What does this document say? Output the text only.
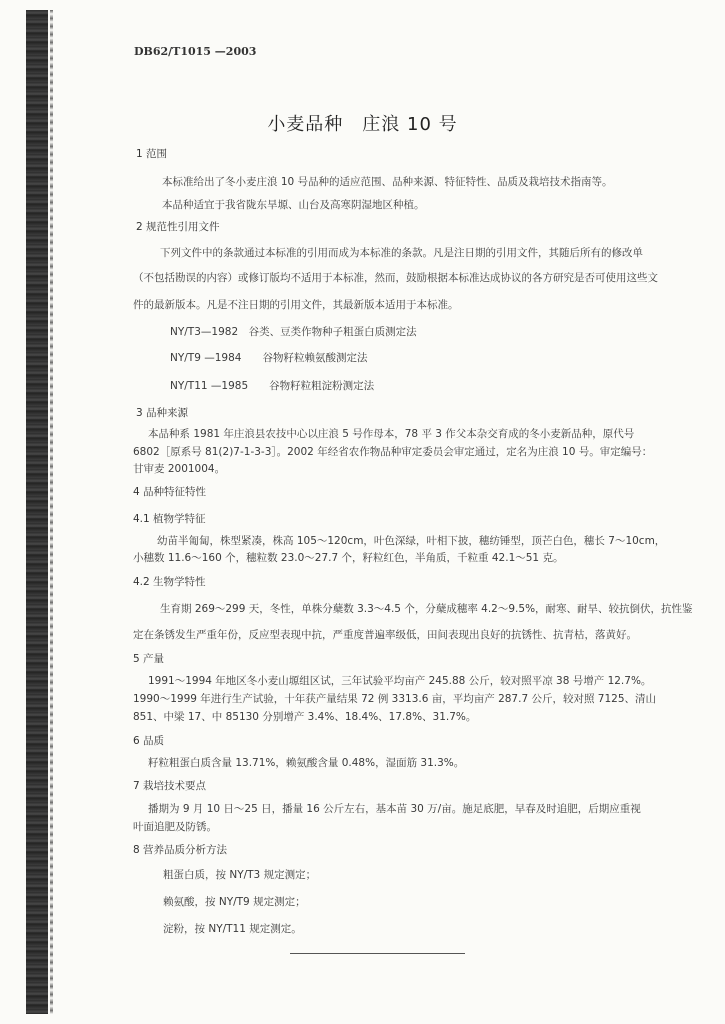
DB62/T1015 —2003
小麦品种　庄浪 10 号
1 范围
本标准给出了冬小麦庄浪 10 号品种的适应范围、品种来源、特征特性、品质及栽培技术指南等。
本品种适宜于我省陇东旱塬、山台及高寒阴湿地区种植。
2 规范性引用文件
下列文件中的条款通过本标准的引用而成为本标准的条款。凡是注日期的引用文件，其随后所有的修改单
（不包括勘误的内容）或修订版均不适用于本标准，然而，鼓励根据本标准达成协议的各方研究是否可使用这些文
件的最新版本。凡是不注日期的引用文件，其最新版本适用于本标准。
NY/T3—1982　谷类、豆类作物种子粗蛋白质测定法
NY/T9 —1984　　谷物籽粒赖氨酸测定法
NY/T11 —1985　　谷物籽粒粗淀粉测定法
3 品种来源
本品种系 1981 年庄浪县农技中心以庄浪 5 号作母本，78 平 3 作父本杂交育成的冬小麦新品种，原代号
6802［原系号 81(2)7-1-3-3］。2002 年经省农作物品种审定委员会审定通过，定名为庄浪 10 号。审定编号：
甘审麦 2001004。
4 品种特征特性
4.1 植物学特征
幼苗半匍匐，株型紧凑，株高 105～120cm，叶色深绿，叶相下披，穗纺锤型，顶芒白色，穗长 7～10cm，
小穗数 11.6～160 个，穗粒数 23.0～27.7 个，籽粒红色，半角质，千粒重 42.1～51 克。
4.2 生物学特性
生育期 269～299 天，冬性，单株分蘖数 3.3～4.5 个，分蘖成穗率 4.2～9.5%，耐寒、耐旱、较抗倒伏，抗性鉴
定在条锈发生严重年份，反应型表现中抗，严重度普遍率级低，田间表现出良好的抗锈性、抗青枯，落黄好。
5 产量
1991～1994 年地区冬小麦山塬组区试，三年试验平均亩产 245.88 公斤，较对照平凉 38 号增产 12.7%。
1990～1999 年进行生产试验，十年获产量结果 72 例 3313.6 亩，平均亩产 287.7 公斤，较对照 7125、清山
851、中梁 17、中 85130 分别增产 3.4%、18.4%、17.8%、31.7%。
6 品质
籽粒粗蛋白质含量 13.71%，赖氨酸含量 0.48%，湿面筋 31.3%。
7 栽培技术要点
播期为 9 月 10 日～25 日，播量 16 公斤左右，基本苗 30 万/亩。施足底肥，早春及时追肥，后期应重视
叶面追肥及防锈。
8 营养品质分析方法
粗蛋白质，按 NY/T3 规定测定；
赖氨酸，按 NY/T9 规定测定；
淀粉，按 NY/T11 规定测定。
